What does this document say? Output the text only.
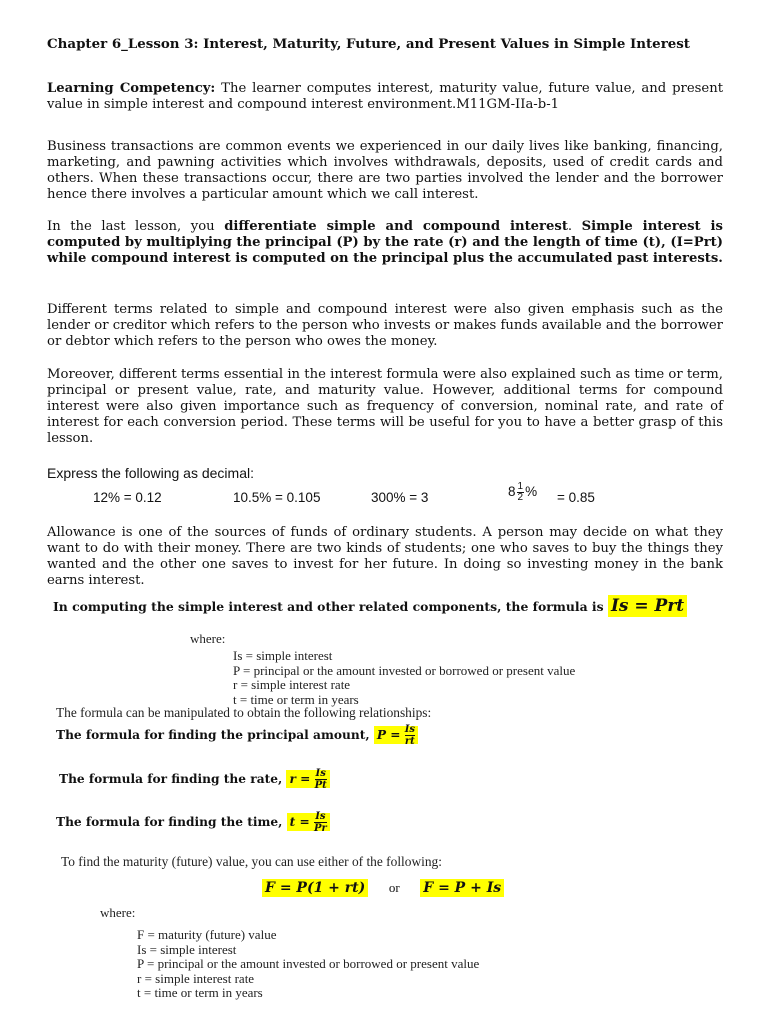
Chapter 6_Lesson 3: Interest, Maturity, Future, and Present Values in Simple Interest
Learning Competency: The learner computes interest, maturity value, future value, and present value in simple interest and compound interest environment.M11GM-IIa-b-1
Business transactions are common events we experienced in our daily lives like banking, financing, marketing, and pawning activities which involves withdrawals, deposits, used of credit cards and others. When these transactions occur, there are two parties involved the lender and the borrower hence there involves a particular amount which we call interest.
In the last lesson, you differentiate simple and compound interest. Simple interest is computed by multiplying the principal (P) by the rate (r) and the length of time (t), (I=Prt) while compound interest is computed on the principal plus the accumulated past interests.
Different terms related to simple and compound interest were also given emphasis such as the lender or creditor which refers to the person who invests or makes funds available and the borrower or debtor which refers to the person who owes the money.
Moreover, different terms essential in the interest formula were also explained such as time or term, principal or present value, rate, and maturity value. However, additional terms for compound interest were also given importance such as frequency of conversion, nominal rate, and rate of interest for each conversion period. These terms will be useful for you to have a better grasp of this lesson.
Express the following as decimal:
12% = 0.12	10.5% = 0.105	300% = 3	$8 \frac{1}{2}$ % = 0.85
Allowance is one of the sources of funds of ordinary students. A person may decide on what they want to do with their money. There are two kinds of students; one who saves to buy the things they wanted and the other one saves to invest for her future. In doing so investing money in the bank earns interest.
In computing the simple interest and other related components, the formula is Is = Prt
where:
Is = simple interest
P = principal or the amount invested or borrowed or present value
r = simple interest rate
t = time or term in years
The formula can be manipulated to obtain the following relationships:
The formula for finding the principal amount, $P = \frac{Is}{rt}$
The formula for finding the rate, $r = \frac{Is}{Pt}$
The formula for finding the time, $t = \frac{Is}{Pr}$
To find the maturity (future) value, you can use either of the following:
F = P(1 + rt) or F = P + Is
where:
F = maturity (future) value
Is = simple interest
P = principal or the amount invested or borrowed or present value
r = simple interest rate
t = time or term in years
